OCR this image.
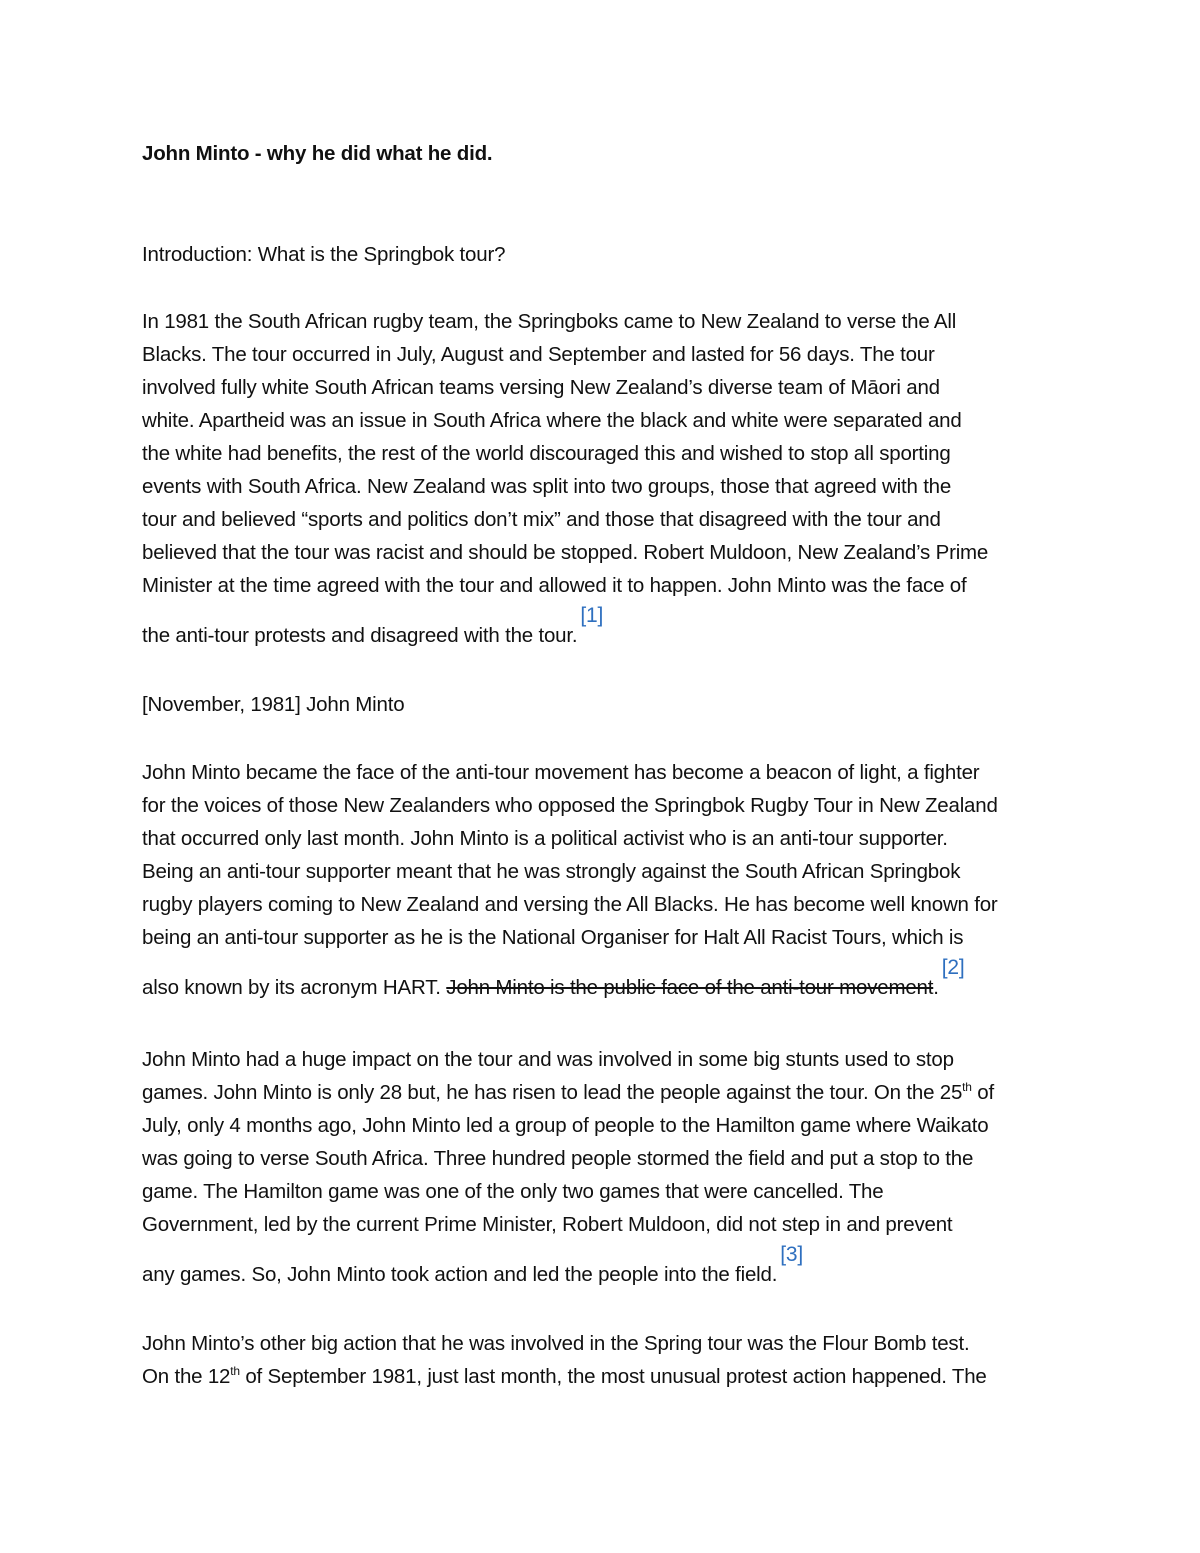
John Minto - why he did what he did.
Introduction: What is the Springbok tour?
In 1981 the South African rugby team, the Springboks came to New Zealand to verse the All
Blacks. The tour occurred in July, August and September and lasted for 56 days. The tour
involved fully white South African teams versing New Zealand’s diverse team of Māori and
white. Apartheid was an issue in South Africa where the black and white were separated and
the white had benefits, the rest of the world discouraged this and wished to stop all sporting
events with South Africa. New Zealand was split into two groups, those that agreed with the
tour and believed “sports and politics don’t mix” and those that disagreed with the tour and
believed that the tour was racist and should be stopped. Robert Muldoon, New Zealand’s Prime
Minister at the time agreed with the tour and allowed it to happen. John Minto was the face of
the anti-tour protests and disagreed with the tour.[1]
[November, 1981] John Minto
John Minto became the face of the anti-tour movement has become a beacon of light, a fighter
for the voices of those New Zealanders who opposed the Springbok Rugby Tour in New Zealand
that occurred only last month. John Minto is a political activist who is an anti-tour supporter.
Being an anti-tour supporter meant that he was strongly against the South African Springbok
rugby players coming to New Zealand and versing the All Blacks. He has become well known for
being an anti-tour supporter as he is the National Organiser for Halt All Racist Tours, which is
also known by its acronym HART. John Minto is the public face of the anti-tour movement.[2]
John Minto had a huge impact on the tour and was involved in some big stunts used to stop
games. John Minto is only 28 but, he has risen to lead the people against the tour. On the 25th of
July, only 4 months ago, John Minto led a group of people to the Hamilton game where Waikato
was going to verse South Africa. Three hundred people stormed the field and put a stop to the
game. The Hamilton game was one of the only two games that were cancelled. The
Government, led by the current Prime Minister, Robert Muldoon, did not step in and prevent
any games. So, John Minto took action and led the people into the field.[3]
John Minto’s other big action that he was involved in the Spring tour was the Flour Bomb test.
On the 12th of September 1981, just last month, the most unusual protest action happened. The
